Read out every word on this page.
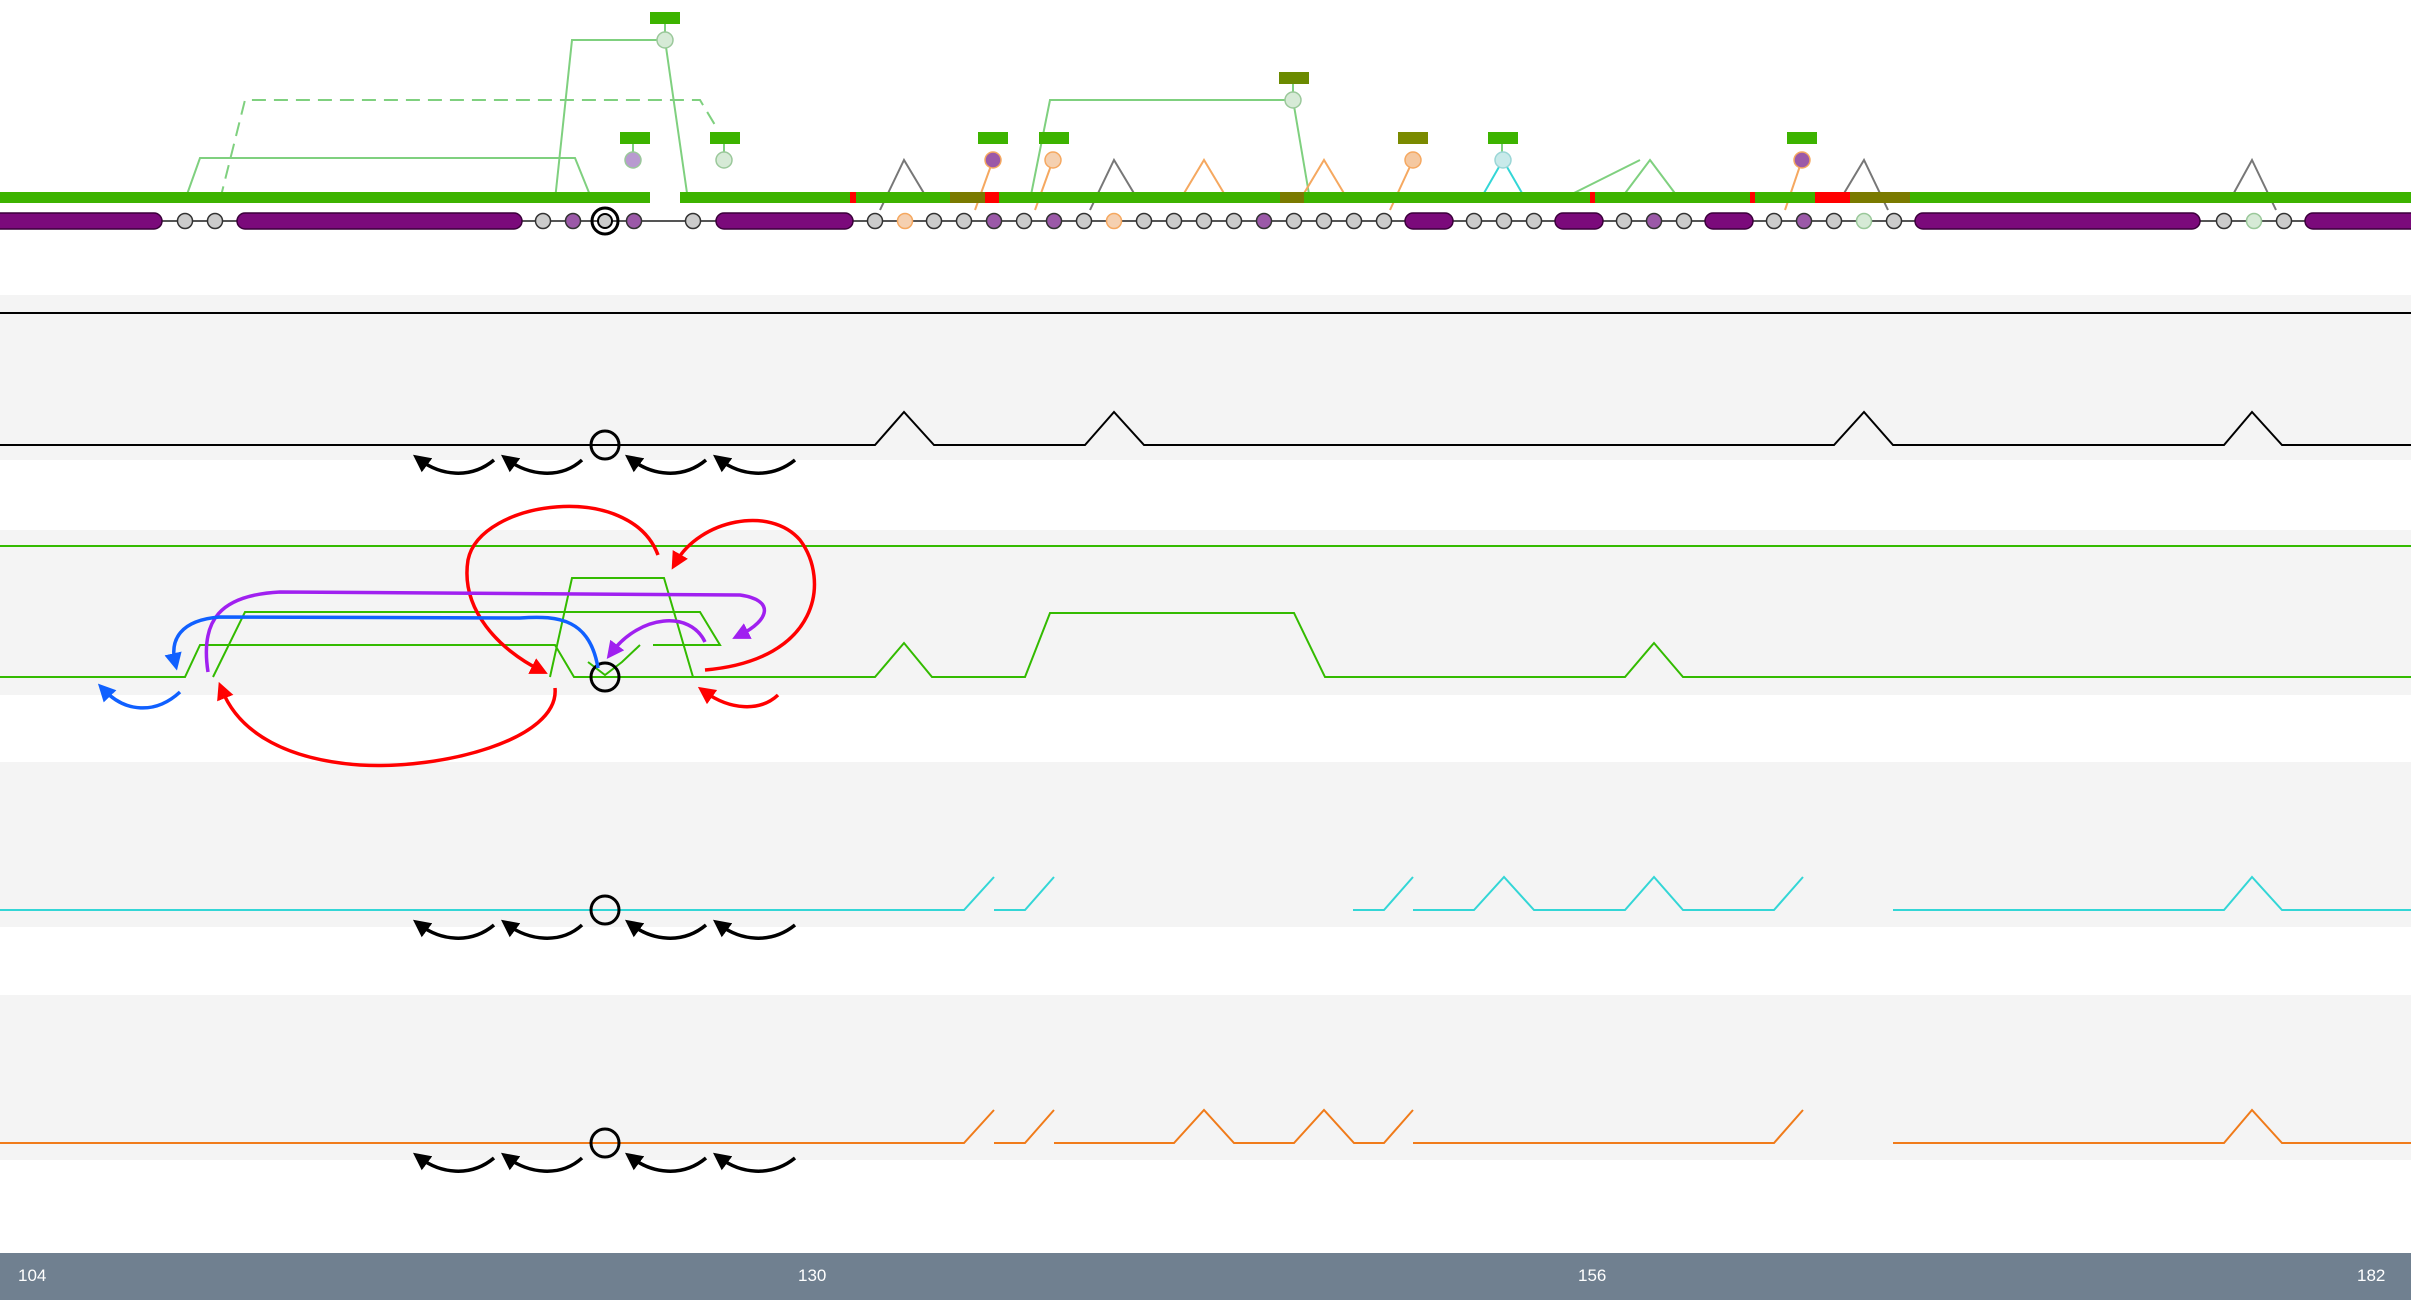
104	130	156	182
